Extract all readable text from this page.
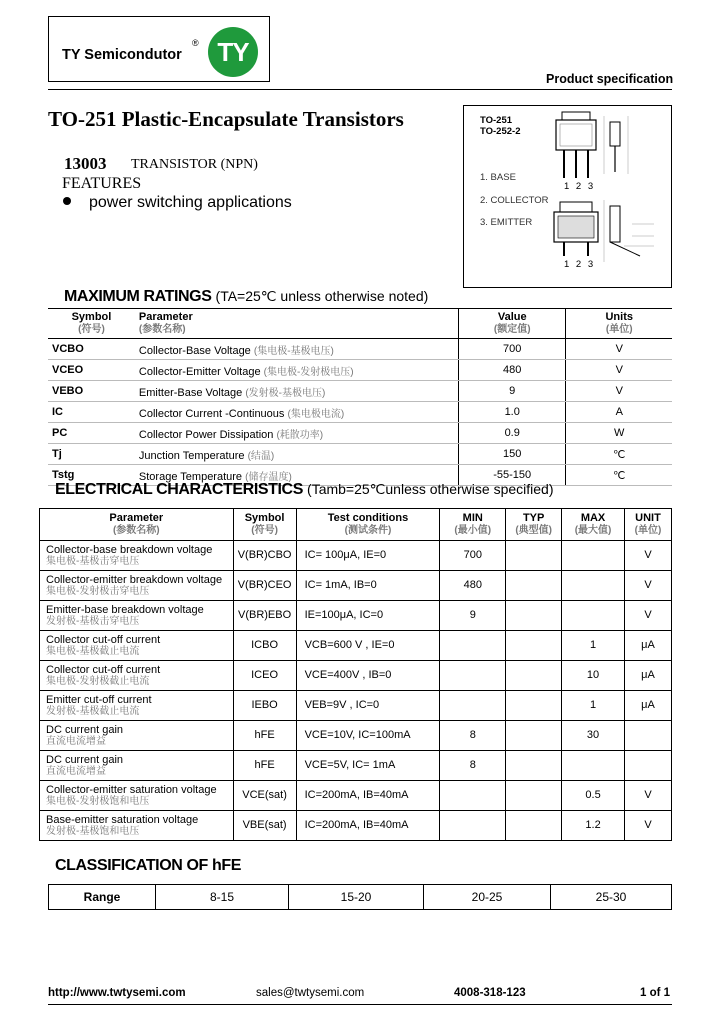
TY Semicondutor
® TY
Product specification
TO-251 Plastic-Encapsulate Transistors
13003 TRANSISTOR (NPN)
FEATURES
power switching applications
TO-251
TO-252-2
1 2 3
1. BASE
2. COLLECTOR
3. EMITTER
1 2 3
MAXIMUM RATINGS (TA=25℃ unless otherwise noted)
Symbol
(符号)	Parameter
(参数名称)	Value
(额定值)	Units
(单位)
VCBO	Collector-Base Voltage (集电极-基极电压)	700	V
VCEO	Collector-Emitter Voltage (集电极-发射极电压)	480	V
VEBO	Emitter-Base Voltage (发射极-基极电压)	9	V
IC	Collector Current -Continuous (集电极电流)	1.0	A
PC	Collector Power Dissipation (耗散功率)	0.9	W
Tj	Junction Temperature (结温)	150	℃
Tstg	Storage Temperature (储存温度)	-55-150	℃
ELECTRICAL CHARACTERISTICS (Tamb=25℃unless otherwise specified)
Parameter
(参数名称)	Symbol
(符号)	Test conditions
(测试条件)	MIN
(最小值)	TYP
(典型值)	MAX
(最大值)	UNIT
(单位)
Collector-base breakdown voltage
集电极-基极击穿电压	V(BR)CBO	IC= 100μA, IE=0	700			V
Collector-emitter breakdown voltage
集电极-发射极击穿电压	V(BR)CEO	IC= 1mA, IB=0	480			V
Emitter-base breakdown voltage
发射极-基极击穿电压	V(BR)EBO	IE=100μA, IC=0	9			V
Collector cut-off current
集电极-基极截止电流	ICBO	VCB=600 V , IE=0			1	μA
Collector cut-off current
集电极-发射极截止电流	ICEO	VCE=400V , IB=0			10	μA
Emitter cut-off current
发射极-基极截止电流	IEBO	VEB=9V , IC=0			1	μA
DC current gain
直流电流增益	hFE	VCE=10V, IC=100mA	8		30	
DC current gain
直流电流增益	hFE	VCE=5V, IC= 1mA	8			
Collector-emitter saturation voltage
集电极-发射极饱和电压	VCE(sat)	IC=200mA, IB=40mA			0.5	V
Base-emitter saturation voltage
发射极-基极饱和电压	VBE(sat)	IC=200mA, IB=40mA			1.2	V
CLASSIFICATION OF hFE
Range	8-15	15-20	20-25	25-30
http://www.twtysemi.com	sales@twtysemi.com	4008-318-123	1 of 1
